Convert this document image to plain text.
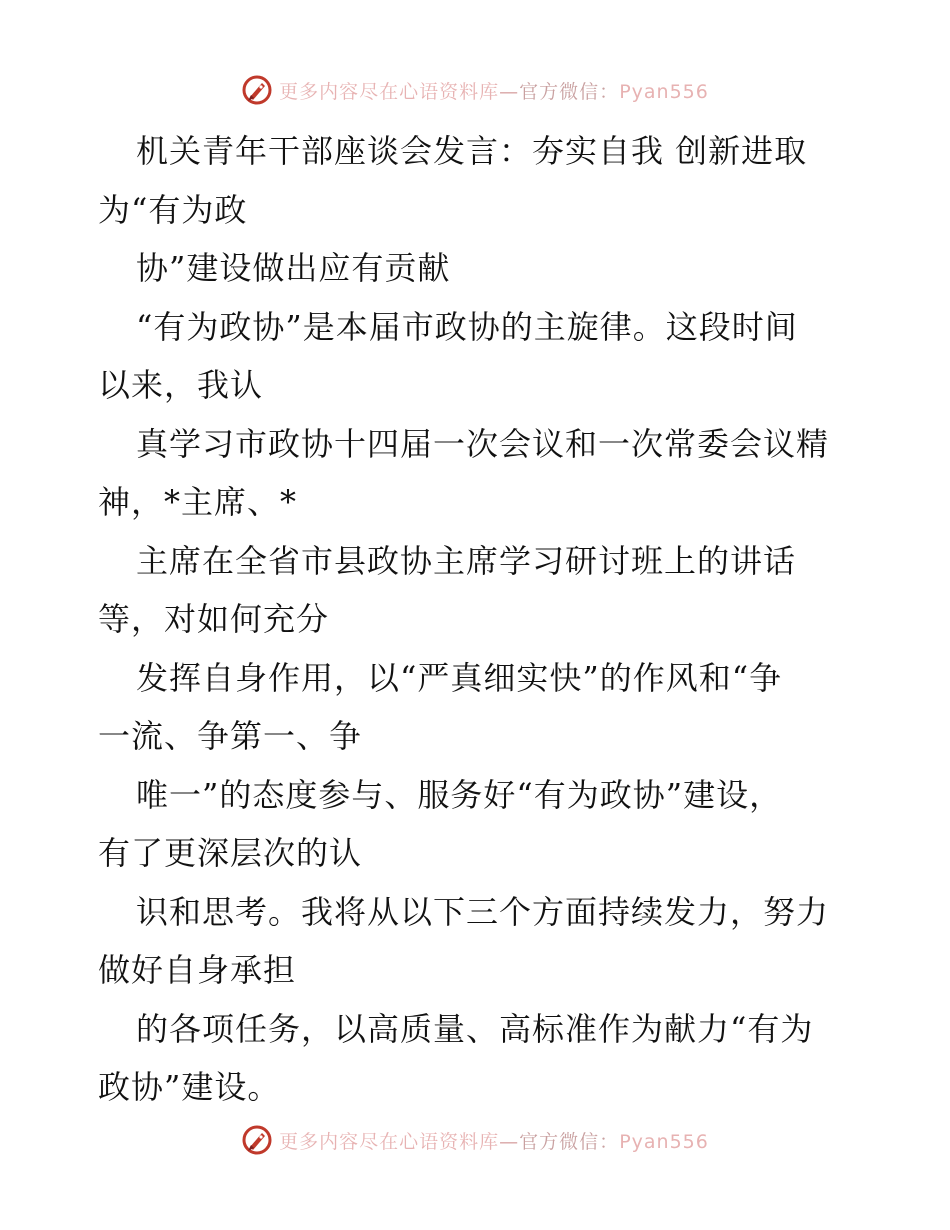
更多内容尽在心语资料库—官方微信：Pyan556
机关青年干部座谈会发言：夯实自我 创新进取
为“有为政
协”建设做出应有贡献
“有为政协”是本届市政协的主旋律。这段时间
以来，我认
真学习市政协十四届一次会议和一次常委会议精
神，*主席、*
主席在全省市县政协主席学习研讨班上的讲话
等，对如何充分
发挥自身作用，以“严真细实快”的作风和“争
一流、争第一、争
唯一”的态度参与、服务好“有为政协”建设，
有了更深层次的认
识和思考。我将从以下三个方面持续发力，努力
做好自身承担
的各项任务，以高质量、高标准作为献力“有为
政协”建设。
更多内容尽在心语资料库—官方微信：Pyan556
